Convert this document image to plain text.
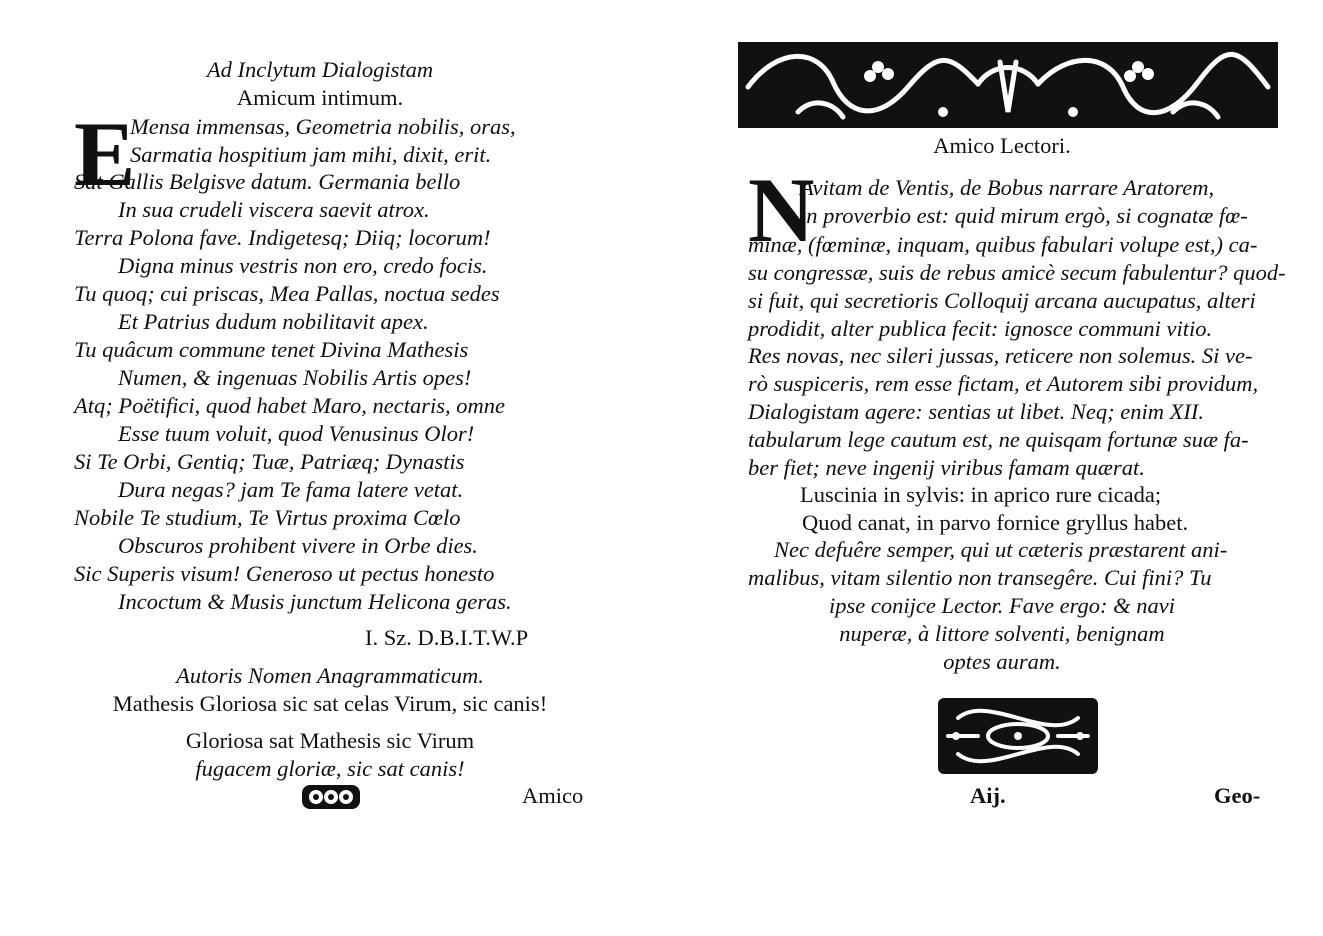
Ad Inclytum Dialogistam
Amicum intimum.
E
Mensa immensas, Geometria nobilis, oras,
Sarmatia hospitium jam mihi, dixit, erit.
Sat Gallis Belgisve datum. Germania bello
In sua crudeli viscera saevit atrox.
Terra Polona fave. Indigetesq; Diiq; locorum!
Digna minus vestris non ero, credo focis.
Tu quoq; cui priscas, Mea Pallas, noctua sedes
Et Patrius dudum nobilitavit apex.
Tu quâcum commune tenet Divina Mathesis
Numen, & ingenuas Nobilis Artis opes!
Atq; Poëtifici, quod habet Maro, nectaris, omne
Esse tuum voluit, quod Venusinus Olor!
Si Te Orbi, Gentiq; Tuæ, Patriæq; Dynastis
Dura negas? jam Te fama latere vetat.
Nobile Te studium, Te Virtus proxima Cœlo
Obscuros prohibent vivere in Orbe dies.
Sic Superis visum! Generoso ut pectus honesto
Incoctum & Musis junctum Helicona geras.
I. Sz. D.B.I.T.W.P
Autoris Nomen Anagrammaticum.
Mathesis Gloriosa sic sat celas Virum, sic canis!
Gloriosa sat Mathesis sic Virum
fugacem gloriæ, sic sat canis!
Amico
Amico Lectori.
N
Avitam de Ventis, de Bobus narrare Aratorem,
in proverbio est: quid mirum ergò, si cognatæ fœ-
minæ, (fœminæ, inquam, quibus fabulari volupe est,) ca-
su congressæ, suis de rebus amicè secum fabulentur? quod-
si fuit, qui secretioris Colloquij arcana aucupatus, alteri
prodidit, alter publica fecit: ignosce communi vitio.
Res novas, nec sileri jussas, reticere non solemus. Si ve-
rò suspiceris, rem esse fictam, et Autorem sibi providum,
Dialogistam agere: sentias ut libet. Neq; enim XII.
tabularum lege cautum est, ne quisqam fortunæ suæ fa-
ber fiet; neve ingenij viribus famam quærat.
Luscinia in sylvis: in aprico rure cicada;
Quod canat, in parvo fornice gryllus habet.
Nec defuêre semper, qui ut cæteris præstarent ani-
malibus, vitam silentio non transegêre. Cui fini? Tu
ipse conijce Lector. Fave ergo: & navi
nuperæ, à littore solventi, benignam
optes auram.
Aij.	Geo-
